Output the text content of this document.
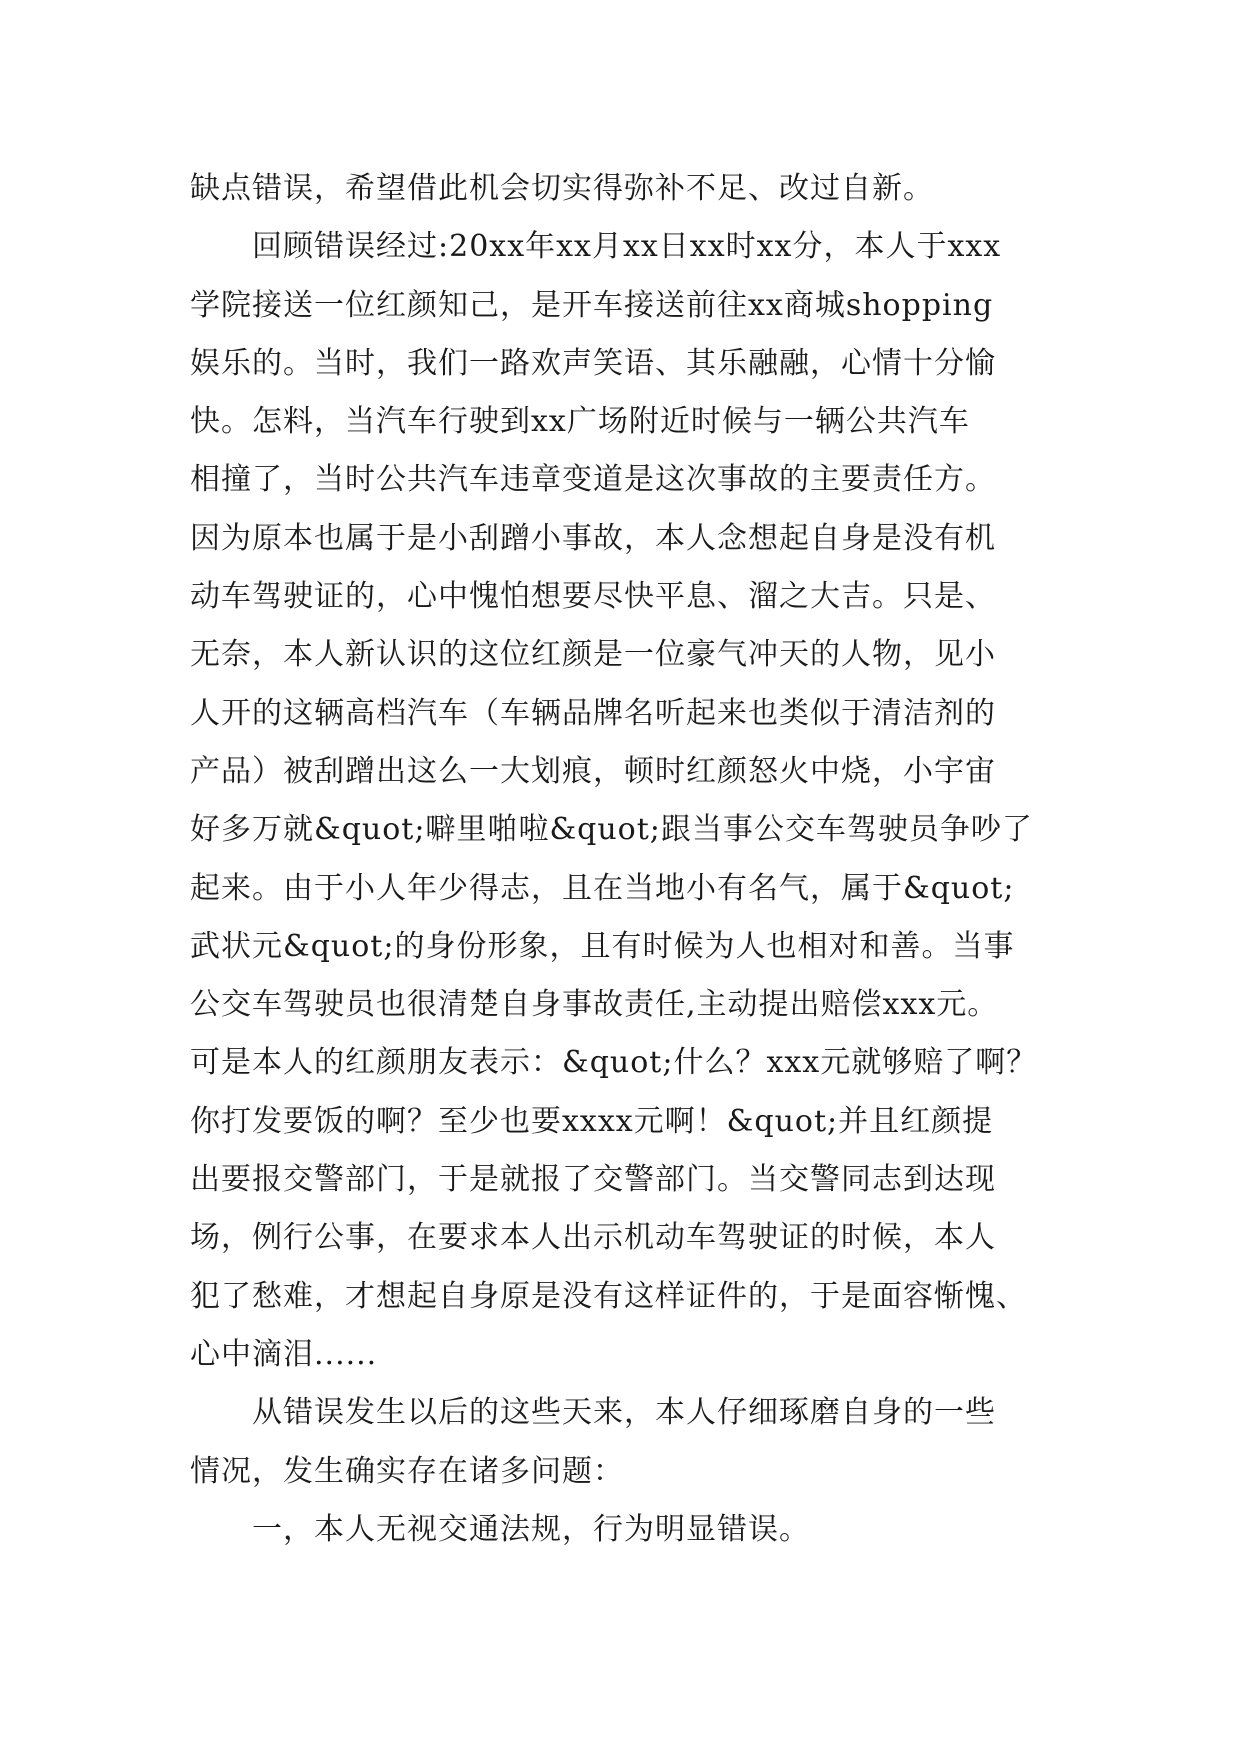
缺点错误，希望借此机会切实得弥补不足、改过自新。
回顾错误经过:20xx年xx月xx日xx时xx分，本人于xxx
学院接送一位红颜知己，是开车接送前往xx商城shopping
娱乐的。当时，我们一路欢声笑语、其乐融融，心情十分愉
快。怎料，当汽车行驶到xx广场附近时候与一辆公共汽车
相撞了，当时公共汽车违章变道是这次事故的主要责任方。
因为原本也属于是小刮蹭小事故，本人念想起自身是没有机
动车驾驶证的，心中愧怕想要尽快平息、溜之大吉。只是、
无奈，本人新认识的这位红颜是一位豪气冲天的人物，见小
人开的这辆高档汽车（车辆品牌名听起来也类似于清洁剂的
产品）被刮蹭出这么一大划痕，顿时红颜怒火中烧，小宇宙
好多万就&quot;噼里啪啦&quot;跟当事公交车驾驶员争吵了
起来。由于小人年少得志，且在当地小有名气，属于&quot;
武状元&quot;的身份形象，且有时候为人也相对和善。当事
公交车驾驶员也很清楚自身事故责任,主动提出赔偿xxx元。
可是本人的红颜朋友表示：&quot;什么？xxx元就够赔了啊？
你打发要饭的啊？至少也要xxxx元啊！&quot;并且红颜提
出要报交警部门，于是就报了交警部门。当交警同志到达现
场，例行公事，在要求本人出示机动车驾驶证的时候，本人
犯了愁难，才想起自身原是没有这样证件的，于是面容惭愧、
心中滴泪......
从错误发生以后的这些天来，本人仔细琢磨自身的一些
情况，发生确实存在诸多问题：
一，本人无视交通法规，行为明显错误。
